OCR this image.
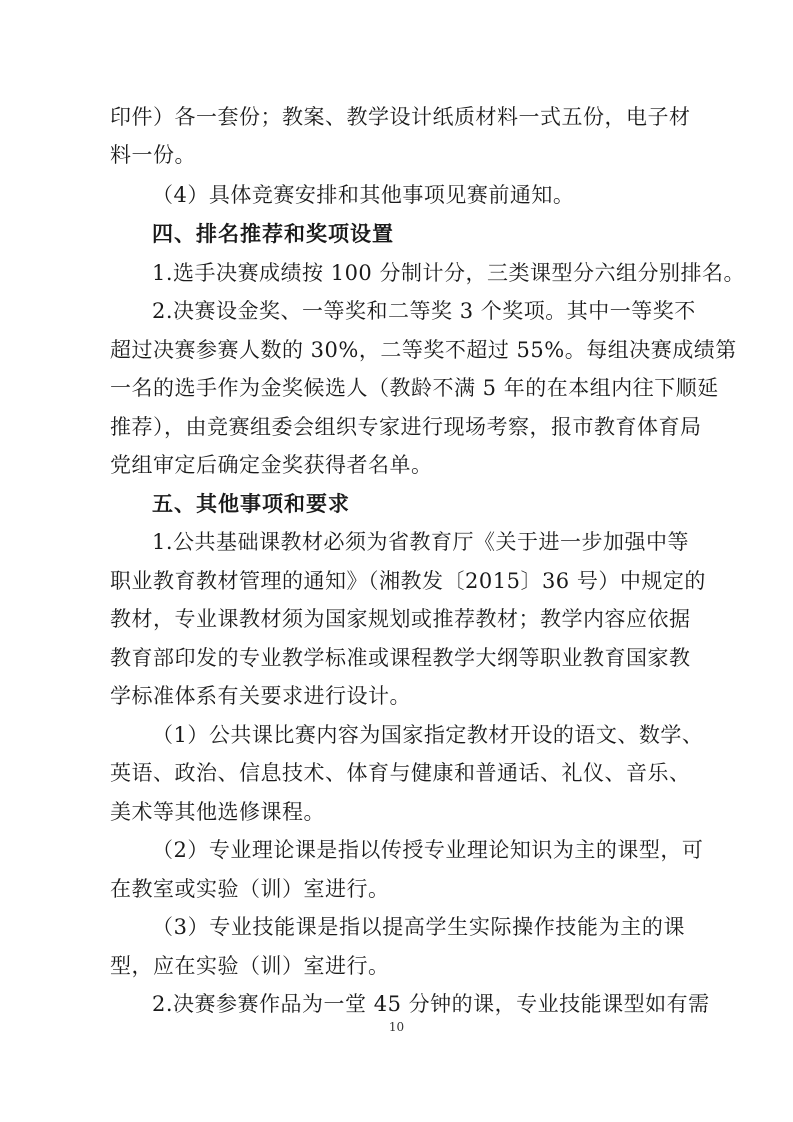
印件）各一套份；教案、教学设计纸质材料一式五份，电子材
料一份。
（4）具体竞赛安排和其他事项见赛前通知。
四、排名推荐和奖项设置
1.选手决赛成绩按 100 分制计分，三类课型分六组分别排名。
2.决赛设金奖、一等奖和二等奖 3 个奖项。其中一等奖不
超过决赛参赛人数的 30%，二等奖不超过 55%。每组决赛成绩第
一名的选手作为金奖候选人（教龄不满 5 年的在本组内往下顺延
推荐），由竞赛组委会组织专家进行现场考察，报市教育体育局
党组审定后确定金奖获得者名单。
五、其他事项和要求
1.公共基础课教材必须为省教育厅《关于进一步加强中等
职业教育教材管理的通知》（湘教发〔2015〕36 号）中规定的
教材，专业课教材须为国家规划或推荐教材；教学内容应依据
教育部印发的专业教学标准或课程教学大纲等职业教育国家教
学标准体系有关要求进行设计。
（1）公共课比赛内容为国家指定教材开设的语文、数学、
英语、政治、信息技术、体育与健康和普通话、礼仪、音乐、
美术等其他选修课程。
（2）专业理论课是指以传授专业理论知识为主的课型，可
在教室或实验（训）室进行。
（3）专业技能课是指以提高学生实际操作技能为主的课
型，应在实验（训）室进行。
2.决赛参赛作品为一堂 45 分钟的课，专业技能课型如有需
10
